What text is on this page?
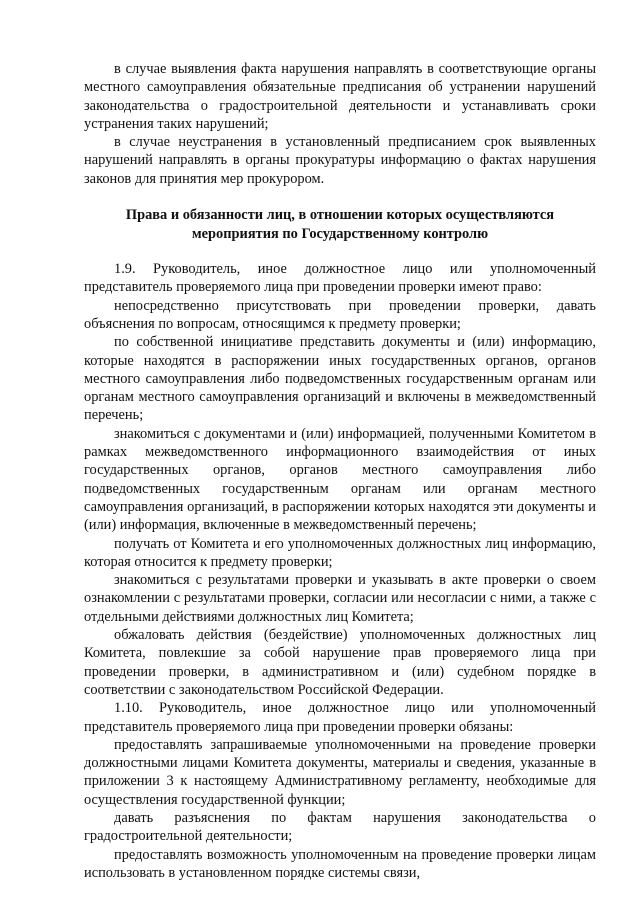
в случае выявления факта нарушения направлять в соответствующие органы местного самоуправления обязательные предписания об устранении нарушений законодательства о градостроительной деятельности и устанавливать сроки устранения таких нарушений;

в случае неустранения в установленный предписанием срок выявленных нарушений направлять в органы прокуратуры информацию о фактах нарушения законов для принятия мер прокурором.

Права и обязанности лиц, в отношении которых осуществляются мероприятия по Государственному контролю

1.9. Руководитель, иное должностное лицо или уполномоченный представитель проверяемого лица при проведении проверки имеют право:

непосредственно присутствовать при проведении проверки, давать объяснения по вопросам, относящимся к предмету проверки;

по собственной инициативе представить документы и (или) информацию, которые находятся в распоряжении иных государственных органов, органов местного самоуправления либо подведомственных государственным органам или органам местного самоуправления организаций и включены в межведомственный перечень;

знакомиться с документами и (или) информацией, полученными Комитетом в рамках межведомственного информационного взаимодействия от иных государственных органов, органов местного самоуправления либо подведомственных государственным органам или органам местного самоуправления организаций, в распоряжении которых находятся эти документы и (или) информация, включенные в межведомственный перечень;

получать от Комитета и его уполномоченных должностных лиц информацию, которая относится к предмету проверки;

знакомиться с результатами проверки и указывать в акте проверки о своем ознакомлении с результатами проверки, согласии или несогласии с ними, а также с отдельными действиями должностных лиц Комитета;

обжаловать действия (бездействие) уполномоченных должностных лиц Комитета, повлекшие за собой нарушение прав проверяемого лица при проведении проверки, в административном и (или) судебном порядке в соответствии с законодательством Российской Федерации.

1.10. Руководитель, иное должностное лицо или уполномоченный представитель проверяемого лица при проведении проверки обязаны:

предоставлять запрашиваемые уполномоченными на проведение проверки должностными лицами Комитета документы, материалы и сведения, указанные в приложении 3 к настоящему Административному регламенту, необходимые для осуществления государственной функции;

давать разъяснения по фактам нарушения законодательства о градостроительной деятельности;

предоставлять возможность уполномоченным на проведение проверки лицам использовать в установленном порядке системы связи,
